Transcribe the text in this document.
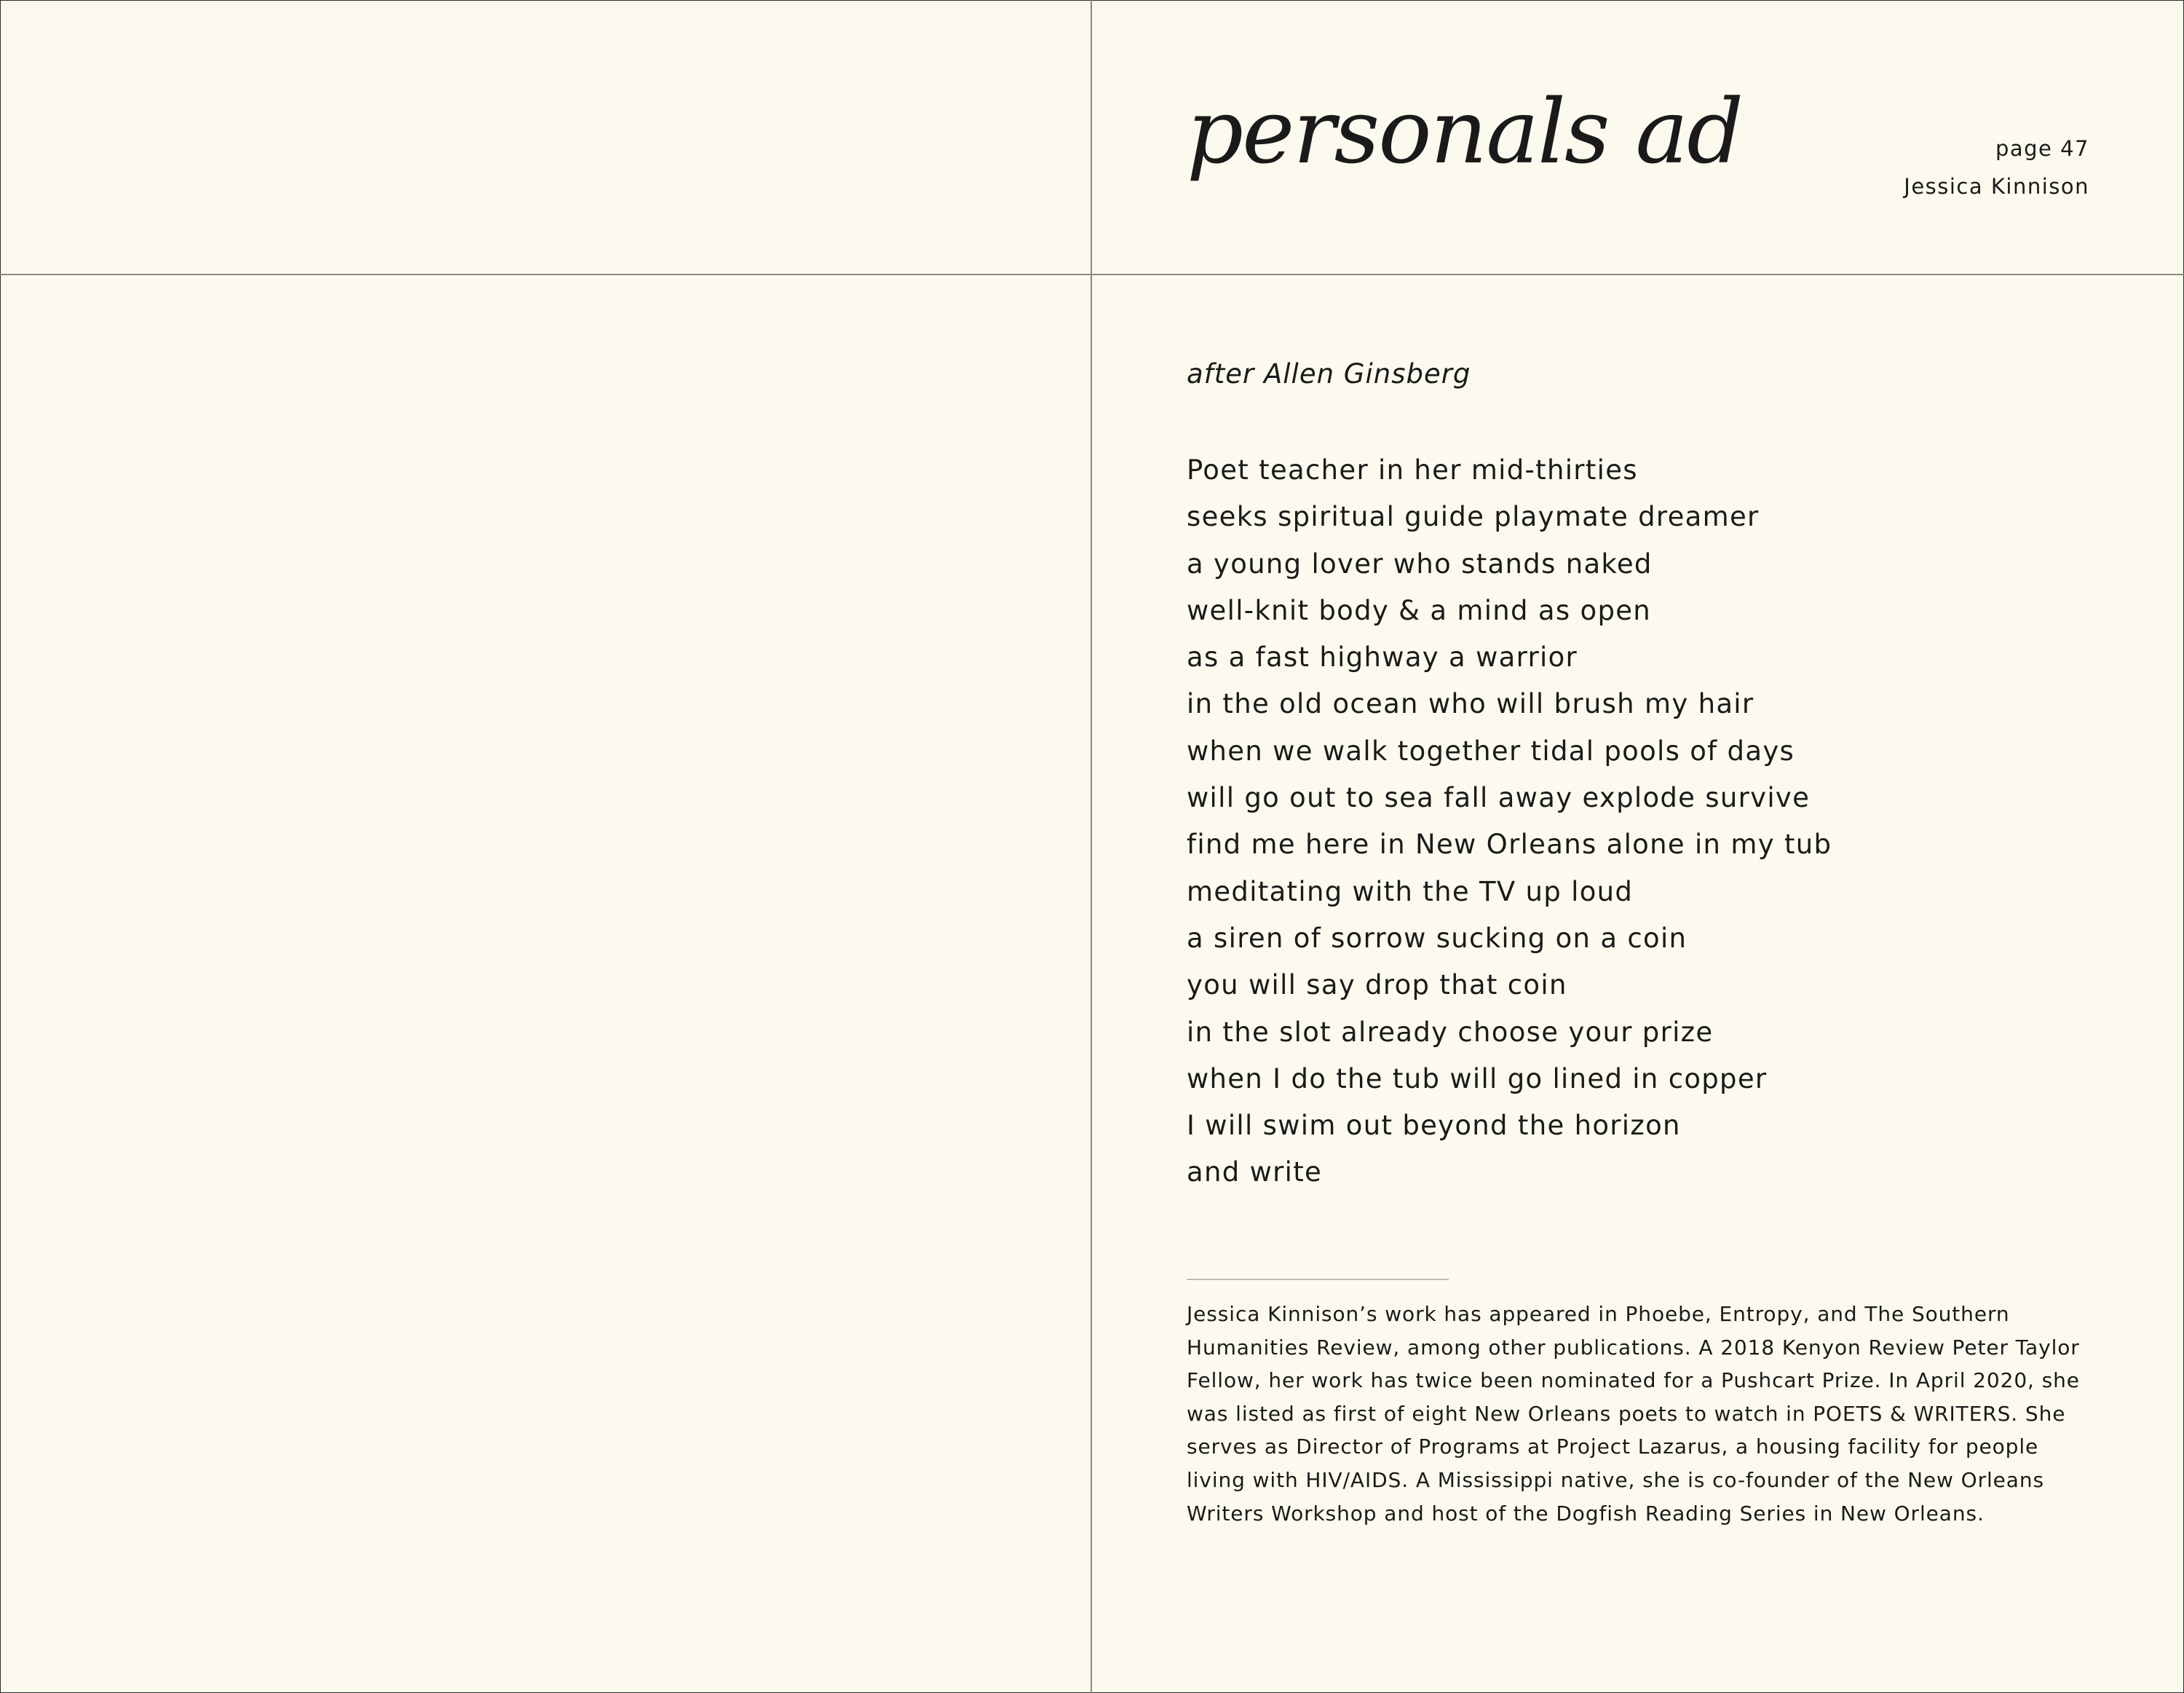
personals ad	page 47
Jessica Kinnison

after Allen Ginsberg

Poet teacher in her mid-thirties
seeks spiritual guide playmate dreamer
a young lover who stands naked
well-knit body & a mind as open
as a fast highway a warrior
in the old ocean who will brush my hair
when we walk together tidal pools of days
will go out to sea fall away explode survive
find me here in New Orleans alone in my tub
meditating with the TV up loud
a siren of sorrow sucking on a coin
you will say drop that coin
in the slot already choose your prize
when I do the tub will go lined in copper
I will swim out beyond the horizon
and write

Jessica Kinnison’s work has appeared in Phoebe, Entropy, and The Southern Humanities Review, among other publications. A 2018 Kenyon Review Peter Taylor Fellow, her work has twice been nominated for a Pushcart Prize. In April 2020, she was listed as first of eight New Orleans poets to watch in POETS & WRITERS. She serves as Director of Programs at Project Lazarus, a housing facility for people living with HIV/AIDS. A Mississippi native, she is co-founder of the New Orleans Writers Workshop and host of the Dogfish Reading Series in New Orleans.
